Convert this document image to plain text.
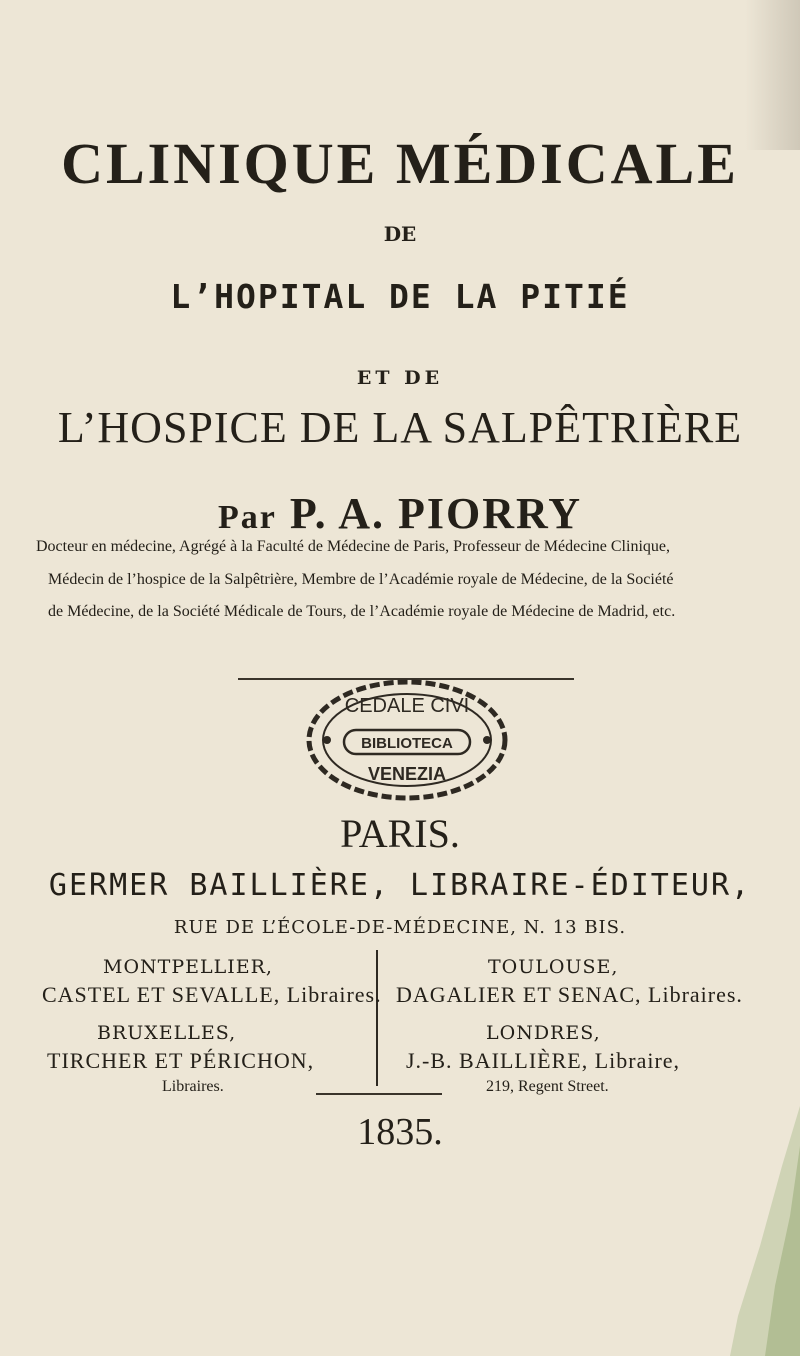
CLINIQUE MÉDICALE
DE
L’HOPITAL DE LA PITIÉ
ET DE
L’HOSPICE DE LA SALPÊTRIÈRE
Par P. A. PIORRY
Docteur en médecine, Agrégé à la Faculté de Médecine de Paris, Professeur de Médecine Clinique,
Médecin de l’hospice de la Salpêtrière, Membre de l’Académie royale de Médecine, de la Société
de Médecine, de la Société Médicale de Tours, de l’Académie royale de Médecine de Madrid, etc.
CEDALE CIVI
BIBLIOTECA
VENEZIA
PARIS.
GERMER BAILLIÈRE, LIBRAIRE-ÉDITEUR,
RUE DE L’ÉCOLE-DE-MÉDECINE, N. 13 BIS.
MONTPELLIER,
CASTEL ET SEVALLE, Libraires.
BRUXELLES,
TIRCHER ET PÉRICHON,
Libraires.
TOULOUSE,
DAGALIER ET SENAC, Libraires.
LONDRES,
J.-B. BAILLIÈRE, Libraire,
219, Regent Street.
1835.
